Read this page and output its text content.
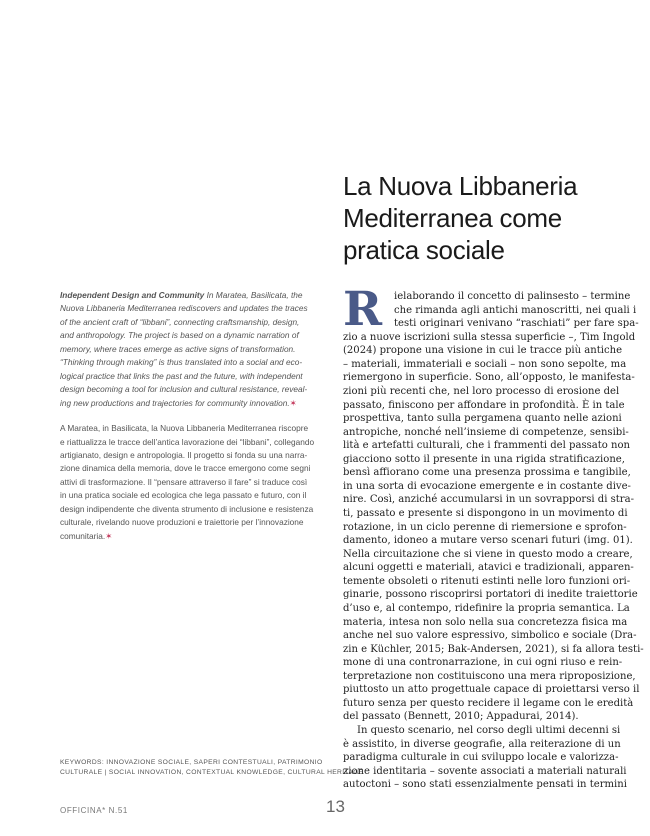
La Nuova Libbaneria
Mediterranea come
pratica sociale

Independent Design and Community In Maratea, Basilicata, the

Nuova Libbaneria Mediterranea rediscovers and updates the traces

of the ancient craft of “libbani”, connecting craftsmanship, design,

and anthropology. The project is based on a dynamic narration of

memory, where traces emerge as active signs of transformation.

“Thinking through making” is thus translated into a social and eco-

logical practice that links the past and the future, with independent

design becoming a tool for inclusion and cultural resistance, reveal-

ing new productions and trajectories for community innovation.✶

A Maratea, in Basilicata, la Nuova Libbaneria Mediterranea riscopre

e riattualizza le tracce dell’antica lavorazione dei “libbani”, collegando

artigianato, design e antropologia. Il progetto si fonda su una narra-

zione dinamica della memoria, dove le tracce emergono come segni

attivi di trasformazione. Il “pensare attraverso il fare” si traduce così

in una pratica sociale ed ecologica che lega passato e futuro, con il

design indipendente che diventa strumento di inclusione e resistenza

culturale, rivelando nuove produzioni e traiettorie per l’innovazione

comunitaria.✶

KEYWORDS: INNOVAZIONE SOCIALE, SAPERI CONTESTUALI, PATRIMONIO
CULTURALE | SOCIAL INNOVATION, CONTEXTUAL KNOWLEDGE, CULTURAL HERITAGE
R	ielaborando il concetto di palinsesto – termine
che rimanda agli antichi manoscritti, nei quali i
testi originari venivano “raschiati” per fare spa-
zio a nuove iscrizioni sulla stessa superficie –, Tim Ingold
(2024) propone una visione in cui le tracce più antiche
– materiali, immateriali e sociali – non sono sepolte, ma
riemergono in superficie. Sono, all’opposto, le manifesta-
zioni più recenti che, nel loro processo di erosione del
passato, finiscono per affondare in profondità. È in tale
prospettiva, tanto sulla pergamena quanto nelle azioni
antropiche, nonché nell’insieme di competenze, sensibi-
lità e artefatti culturali, che i frammenti del passato non
giacciono sotto il presente in una rigida stratificazione,
bensì affiorano come una presenza prossima e tangibile,
in una sorta di evocazione emergente e in costante dive-
nire. Così, anziché accumularsi in un sovrapporsi di stra-
ti, passato e presente si dispongono in un movimento di
rotazione, in un ciclo perenne di riemersione e sprofon-
damento, idoneo a mutare verso scenari futuri (img. 01).
Nella circuitazione che si viene in questo modo a creare,
alcuni oggetti e materiali, atavici e tradizionali, apparen-
temente obsoleti o ritenuti estinti nelle loro funzioni ori-
ginarie, possono riscoprirsi portatori di inedite traiettorie
d’uso e, al contempo, ridefinire la propria semantica. La
materia, intesa non solo nella sua concretezza fisica ma
anche nel suo valore espressivo, simbolico e sociale (Dra-
zin e Küchler, 2015; Bak-Andersen, 2021), si fa allora testi-
mone di una contronarrazione, in cui ogni riuso e rein-
terpretazione non costituiscono una mera riproposizione,
piuttosto un atto progettuale capace di proiettarsi verso il
futuro senza per questo recidere il legame con le eredità
del passato (Bennett, 2010; Appadurai, 2014).
In questo scenario, nel corso degli ultimi decenni si
è assistito, in diverse geografie, alla reiterazione di un
paradigma culturale in cui sviluppo locale e valorizza-
zione identitaria – sovente associati a materiali naturali
autoctoni – sono stati essenzialmente pensati in termini
OFFICINA* N.51	13
